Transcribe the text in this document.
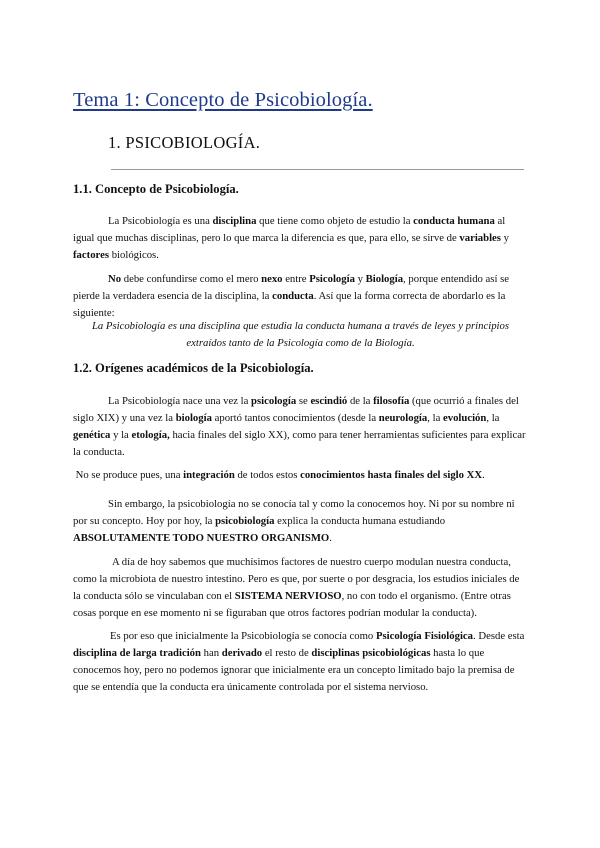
Tema 1: Concepto de Psicobiología.
1. PSICOBIOLOGÍA.
1.1. Concepto de Psicobiología.

La Psicobiología es una disciplina que tiene como objeto de estudio la conducta humana al igual que muchas disciplinas, pero lo que marca la diferencia es que, para ello, se sirve de variables y factores biológicos.

No debe confundirse como el mero nexo entre Psicología y Biología, porque entendido así se pierde la verdadera esencia de la disciplina, la conducta. Así que la forma correcta de abordarlo es la siguiente:

La Psicobiología es una disciplina que estudia la conducta humana a través de leyes y principios extraídos tanto de la Psicología como de la Biología.

1.2. Orígenes académicos de la Psicobiología.

La Psicobiología nace una vez la psicología se escindió de la filosofía (que ocurrió a finales del siglo XIX) y una vez la biología aportó tantos conocimientos (desde la neurología, la evolución, la genética y la etología, hacia finales del siglo XX), como para tener herramientas suficientes para explicar la conducta.

No se produce pues, una integración de todos estos conocimientos hasta finales del siglo XX.

Sin embargo, la psicobiología no se conocía tal y como la conocemos hoy. Ni por su nombre ni por su concepto. Hoy por hoy, la psicobiología explica la conducta humana estudiando ABSOLUTAMENTE TODO NUESTRO ORGANISMO.

A día de hoy sabemos que muchísimos factores de nuestro cuerpo modulan nuestra conducta, como la microbiota de nuestro intestino. Pero es que, por suerte o por desgracia, los estudios iniciales de la conducta sólo se vinculaban con el SISTEMA NERVIOSO, no con todo el organismo. (Entre otras cosas porque en ese momento ni se figuraban que otros factores podrían modular la conducta).

Es por eso que inicialmente la Psicobiología se conocía como Psicología Fisiológica. Desde esta disciplina de larga tradición han derivado el resto de disciplinas psicobiológicas hasta lo que conocemos hoy, pero no podemos ignorar que inicialmente era un concepto limitado bajo la premisa de que se entendía que la conducta era únicamente controlada por el sistema nervioso.
